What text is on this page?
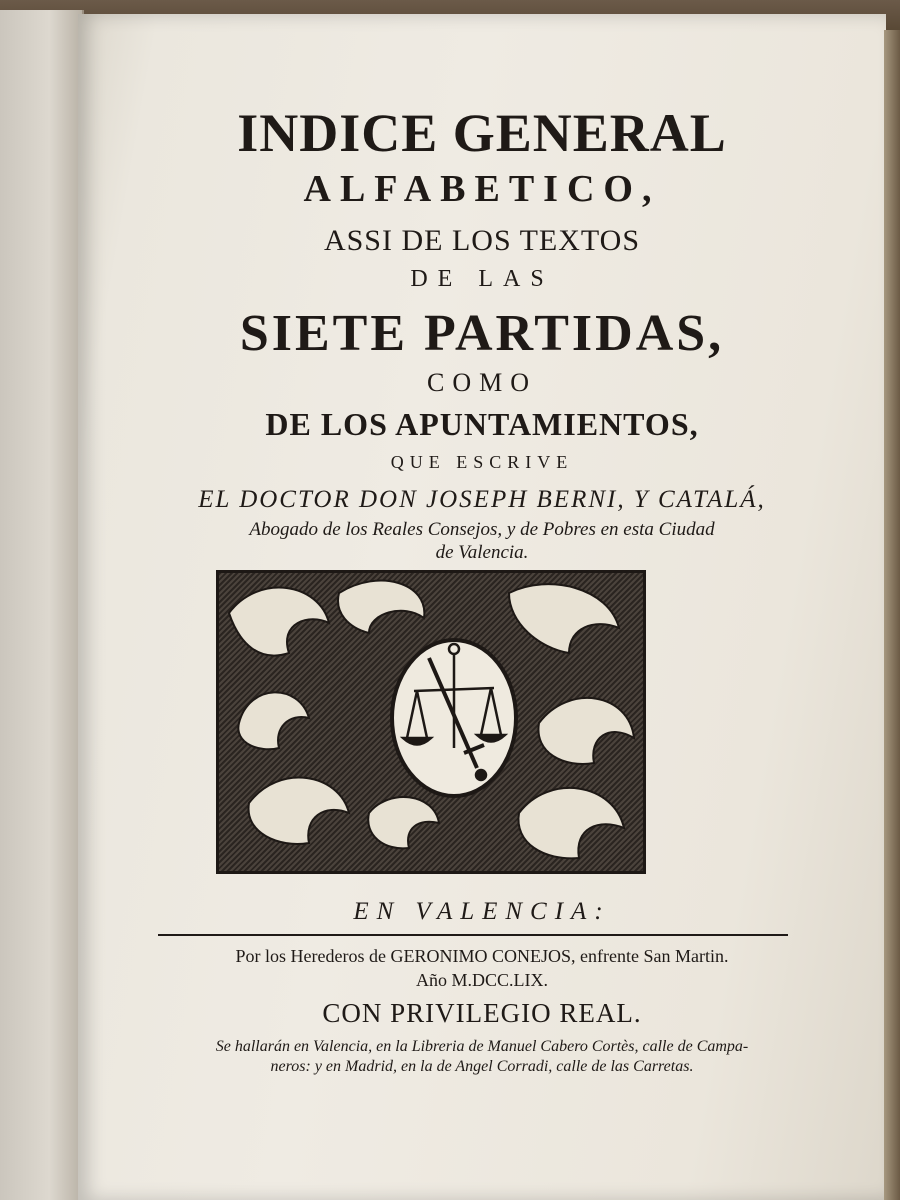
INDICE GENERAL
ALFABETICO,
ASSI DE LOS TEXTOS
DE LAS
SIETE PARTIDAS,
COMO
DE LOS APUNTAMIENTOS,
QUE ESCRIVE
EL DOCTOR DON JOSEPH BERNI, Y CATALÁ,
Abogado de los Reales Consejos, y de Pobres en esta Ciudad
de Valencia.
EN VALENCIA:
Por los Herederos de GERONIMO CONEJOS, enfrente San Martin.
Año M.DCC.LIX.
CON PRIVILEGIO REAL.
Se hallarán en Valencia, en la Libreria de Manuel Cabero Cortès, calle de Campa-
neros: y en Madrid, en la de Angel Corradi, calle de las Carretas.
